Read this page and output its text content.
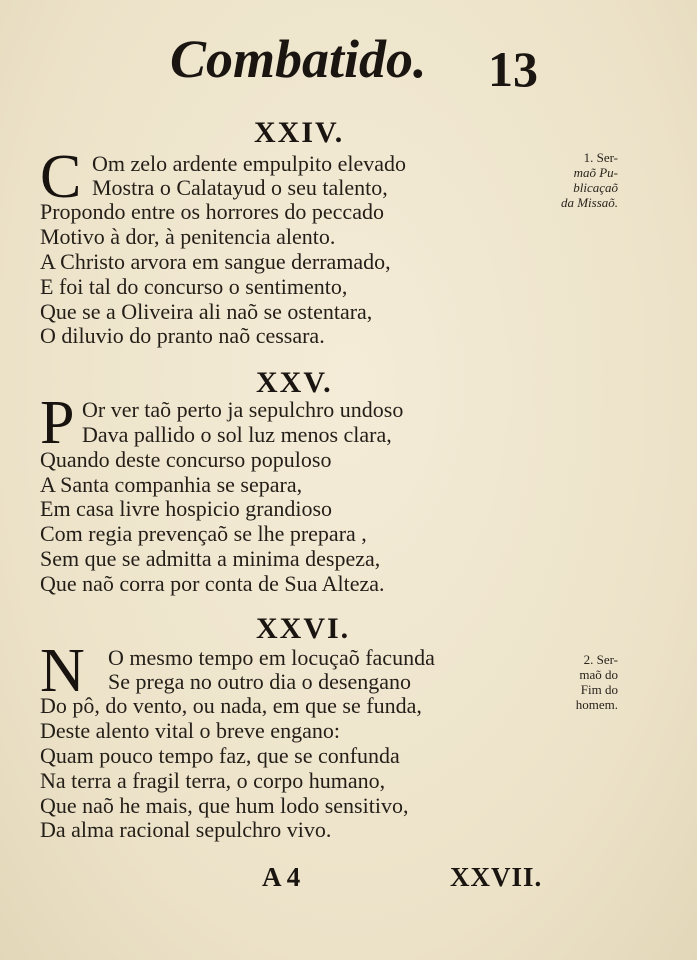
Combatido. 13
XXIV.
C Om zelo ardente empulpito elevado
Mostra o Calatayud o seu talento,
Propondo entre os horrores do peccado
Motivo à dor, à penitencia alento.
A Christo arvora em sangue derramado,
E foi tal do concurso o sentimento,
Que se a Oliveira ali naõ se ostentara,
O diluvio do pranto naõ cessara.
1. Ser-
maõ Pu-
blicaçaõ
da Missaõ.
XXV.
P Or ver taõ perto ja sepulchro undoso
Dava pallido o sol luz menos clara,
Quando deste concurso populoso
A Santa companhia se separa,
Em casa livre hospicio grandioso
Com regia prevençaõ se lhe prepara ,
Sem que se admitta a minima despeza,
Que naõ corra por conta de Sua Alteza.
XXVI.
N O mesmo tempo em locuçaõ facunda
Se prega no outro dia o desengano
Do pô, do vento, ou nada, em que se funda,
Deste alento vital o breve engano:
Quam pouco tempo faz, que se confunda
Na terra a fragil terra, o corpo humano,
Que naõ he mais, que hum lodo sensitivo,
Da alma racional sepulchro vivo.
2. Ser-
maõ do
Fim do
homem.
A 4	XXVII.
